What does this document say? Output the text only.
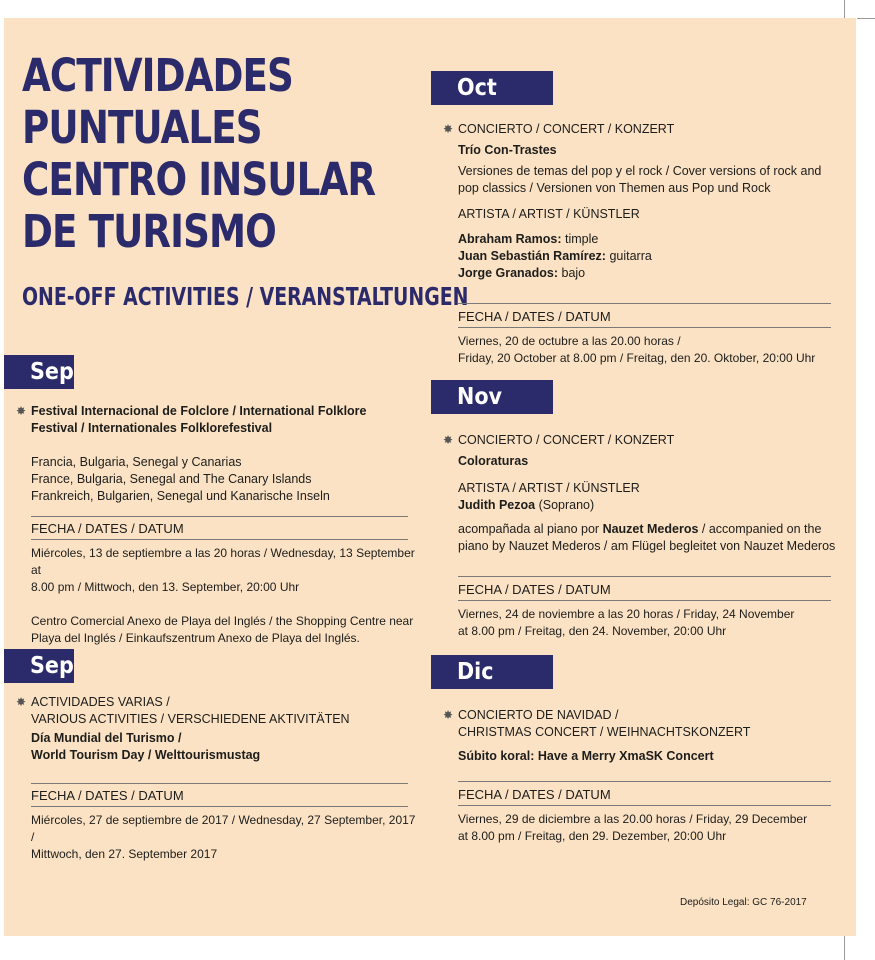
ACTIVIDADES
PUNTUALES
CENTRO INSULAR
DE TURISMO
ONE-OFF ACTIVITIES / VERANSTALTUNGEN
Sep
✸ Festival Internacional de Folclore / International Folklore
Festival / Internationales Folklorefestival
Francia, Bulgaria, Senegal y Canarias
France, Bulgaria, Senegal and The Canary Islands
Frankreich, Bulgarien, Senegal und Kanarische Inseln
FECHA / DATES / DATUM
Miércoles, 13 de septiembre a las 20 horas / Wednesday, 13 September at
8.00 pm / Mittwoch, den 13. September, 20:00 Uhr
Centro Comercial Anexo de Playa del Inglés / the Shopping Centre near
Playa del Inglés / Einkaufszentrum Anexo de Playa del Inglés.
Sep
✸ ACTIVIDADES VARIAS /
VARIOUS ACTIVITIES / VERSCHIEDENE AKTIVITÄTEN
Día Mundial del Turismo /
World Tourism Day / Welttourismustag
FECHA / DATES / DATUM
Miércoles, 27 de septiembre de 2017 / Wednesday, 27 September, 2017 /
Mittwoch, den 27. September 2017
Oct
✸ CONCIERTO / CONCERT / KONZERT
Trío Con-Trastes
Versiones de temas del pop y el rock / Cover versions of rock and
pop classics / Versionen von Themen aus Pop und Rock
ARTISTA / ARTIST / KÜNSTLER
Abraham Ramos: timple
Juan Sebastián Ramírez: guitarra
Jorge Granados: bajo
FECHA / DATES / DATUM
Viernes, 20 de octubre a las 20.00 horas /
Friday, 20 October at 8.00 pm / Freitag, den 20. Oktober, 20:00 Uhr
Nov
✸ CONCIERTO / CONCERT / KONZERT
Coloraturas
ARTISTA / ARTIST / KÜNSTLER
Judith Pezoa (Soprano)
acompañada al piano por Nauzet Mederos / accompanied on the
piano by Nauzet Mederos / am Flügel begleitet von Nauzet Mederos
FECHA / DATES / DATUM
Viernes, 24 de noviembre a las 20 horas / Friday, 24 November
at 8.00 pm / Freitag, den 24. November, 20:00 Uhr
Dic
✸ CONCIERTO DE NAVIDAD /
CHRISTMAS CONCERT / WEIHNACHTSKONZERT
Súbito koral: Have a Merry XmaSK Concert
FECHA / DATES / DATUM
Viernes, 29 de diciembre a las 20.00 horas / Friday, 29 December
at 8.00 pm / Freitag, den 29. Dezember, 20:00 Uhr
Depósito Legal: GC 76-2017
